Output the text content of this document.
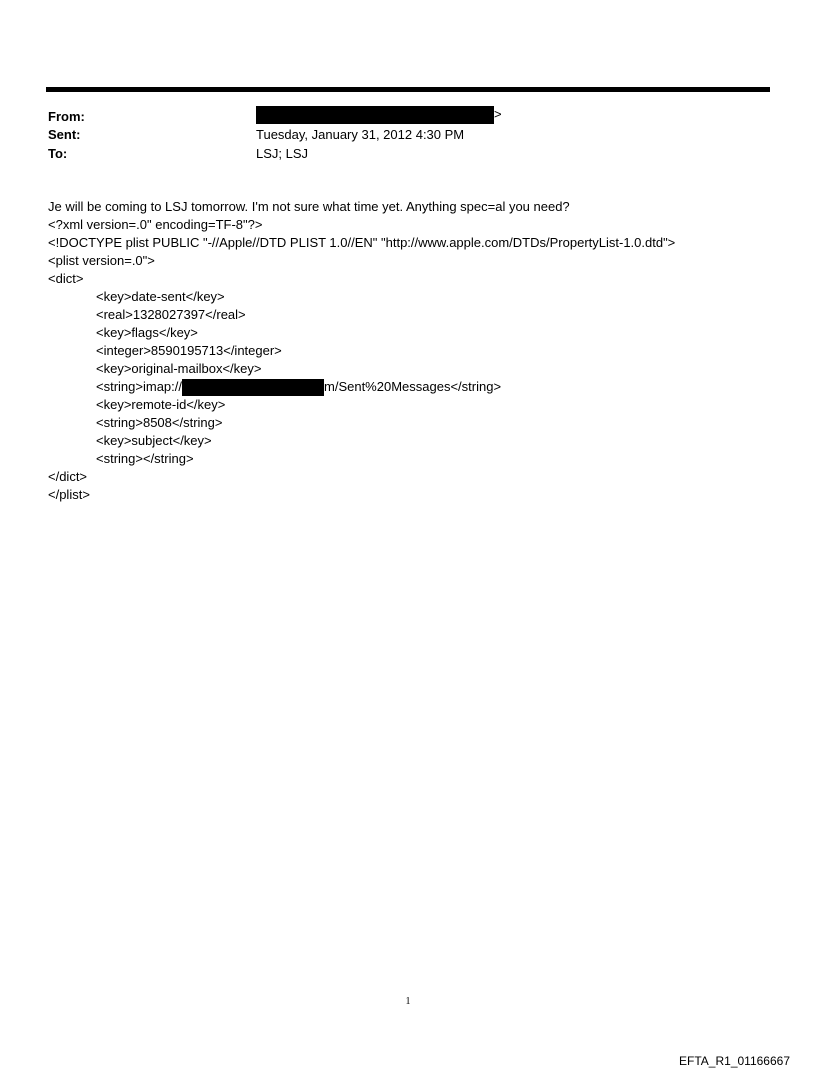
From:	>
Sent:	Tuesday, January 31, 2012 4:30 PM
To:	LSJ; LSJ
Je will be coming to LSJ tomorrow. I'm not sure what time yet. Anything spec=al you need?
<?xml version=.0" encoding=TF-8"?>
<!DOCTYPE plist PUBLIC "-//Apple//DTD PLIST 1.0//EN" "http://www.apple.com/DTDs/PropertyList-1.0.dtd">
<plist version=.0">
<dict>
<key>date-sent</key>
<real>1328027397</real>
<key>flags</key>
<integer>8590195713</integer>
<key>original-mailbox</key>
<string>imap://	m/Sent%20Messages</string>
<key>remote-id</key>
<string>8508</string>
<key>subject</key>
<string></string>
</dict>
</plist>
1
EFTA_R1_01166667
